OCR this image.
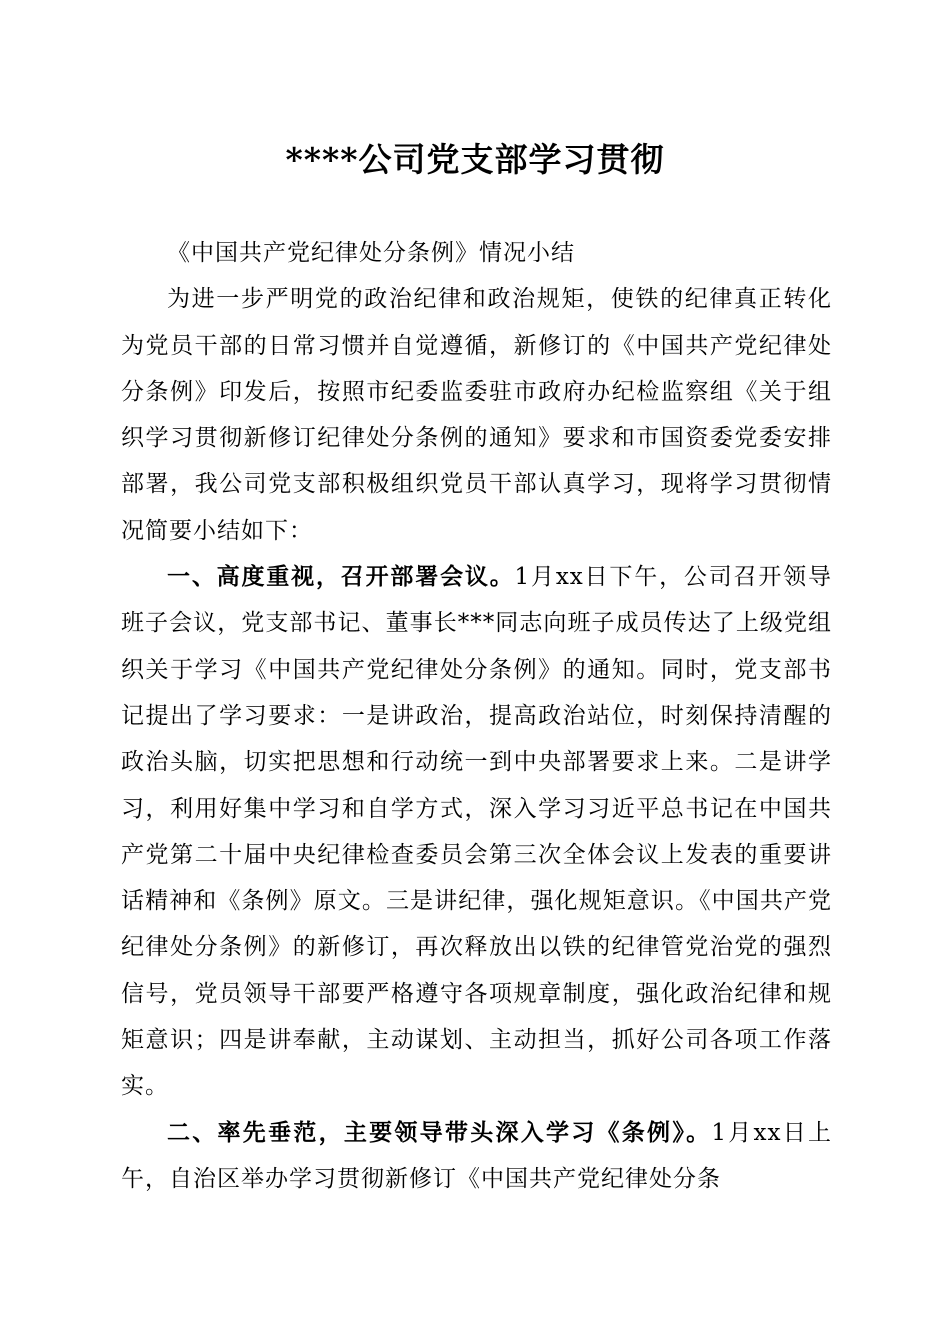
****公司党支部学习贯彻

《中国共产党纪律处分条例》情况小结

为进一步严明党的政治纪律和政治规矩，使铁的纪律真正转化为党员干部的日常习惯并自觉遵循，新修订的《中国共产党纪律处分条例》印发后，按照市纪委监委驻市政府办纪检监察组《关于组织学习贯彻新修订纪律处分条例的通知》要求和市国资委党委安排部署，我公司党支部积极组织党员干部认真学习，现将学习贯彻情况简要小结如下：

一、高度重视，召开部署会议。1月xx日下午，公司召开领导班子会议，党支部书记、董事长***同志向班子成员传达了上级党组织关于学习《中国共产党纪律处分条例》的通知。同时，党支部书记提出了学习要求：一是讲政治，提高政治站位，时刻保持清醒的政治头脑，切实把思想和行动统一到中央部署要求上来。二是讲学习，利用好集中学习和自学方式，深入学习习近平总书记在中国共产党第二十届中央纪律检查委员会第三次全体会议上发表的重要讲话精神和《条例》原文。三是讲纪律，强化规矩意识。《中国共产党纪律处分条例》的新修订，再次释放出以铁的纪律管党治党的强烈信号，党员领导干部要严格遵守各项规章制度，强化政治纪律和规矩意识；四是讲奉献，主动谋划、主动担当，抓好公司各项工作落实。

二、率先垂范，主要领导带头深入学习《条例》。1月xx日上午，自治区举办学习贯彻新修订《中国共产党纪律处分条
